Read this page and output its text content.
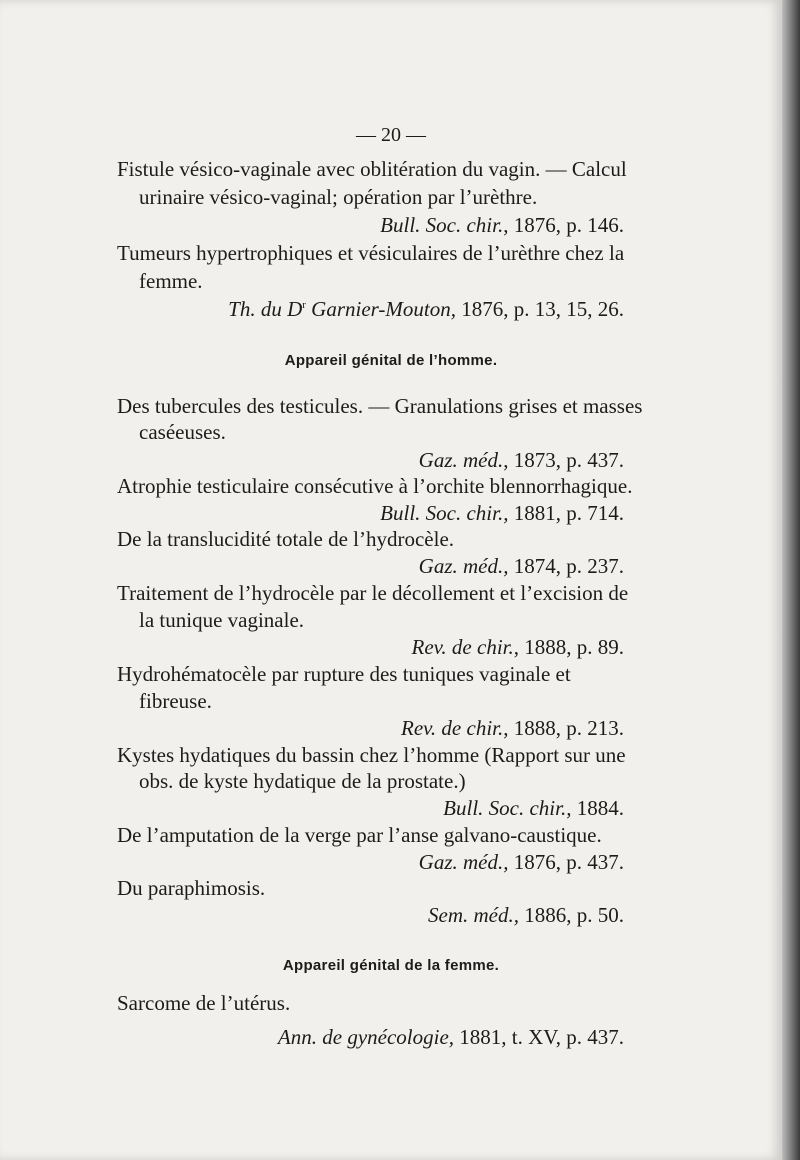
— 20 —
Fistule vésico-vaginale avec oblitération du vagin. — Calcul
urinaire vésico-vaginal; opération par l’urèthre.
Bull. Soc. chir., 1876, p. 146.
Tumeurs hypertrophiques et vésiculaires de l’urèthre chez la
femme.
Th. du $D^r$ Garnier-Mouton, 1876, p. 13, 15, 26.
Appareil génital de l’homme.
Des tubercules des testicules. — Granulations grises et masses
caséeuses.
Gaz. méd., 1873, p. 437.
Atrophie testiculaire consécutive à l’orchite blennorrhagique.
Bull. Soc. chir., 1881, p. 714.
De la translucidité totale de l’hydrocèle.
Gaz. méd., 1874, p. 237.
Traitement de l’hydrocèle par le décollement et l’excision de
la tunique vaginale.
Rev. de chir., 1888, p. 89.
Hydrohématocèle par rupture des tuniques vaginale et
fibreuse.
Rev. de chir., 1888, p. 213.
Kystes hydatiques du bassin chez l’homme (Rapport sur une
obs. de kyste hydatique de la prostate.)
Bull. Soc. chir., 1884.
De l’amputation de la verge par l’anse galvano-caustique.
Gaz. méd., 1876, p. 437.
Du paraphimosis.
Sem. méd., 1886, p. 50.
Appareil génital de la femme.
Sarcome de l’utérus.
Ann. de gynécologie, 1881, t. XV, p. 437.
